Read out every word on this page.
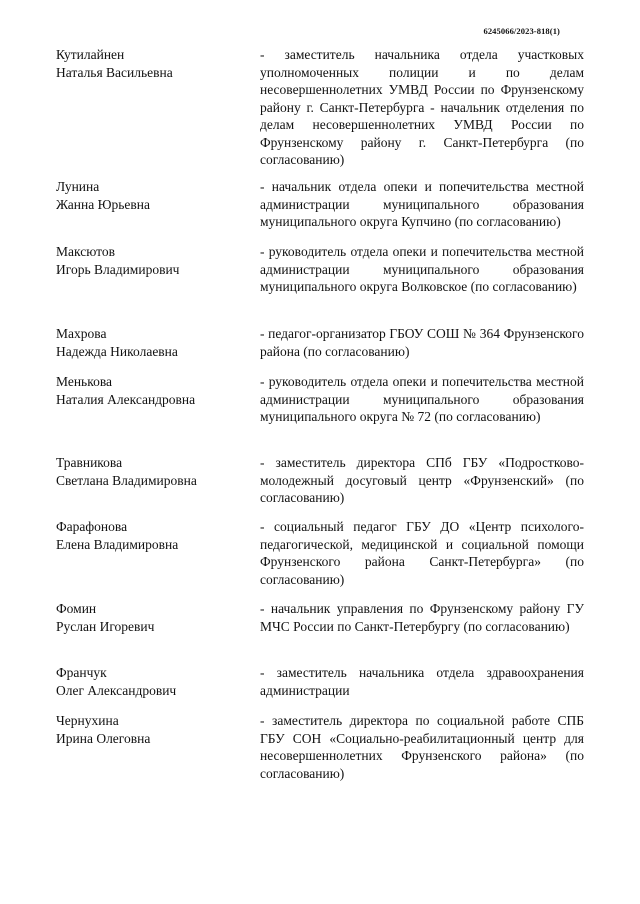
6245066/2023-818(1)
Кутилайнен
Наталья Васильевна
- заместитель начальника отдела участковых уполномоченных полиции и по делам несовершеннолетних УМВД России по Фрунзенскому району г. Санкт-Петербурга - начальник отделения по делам несовершеннолетних УМВД России по Фрунзенскому району г. Санкт-Петербурга (по согласованию)
Лунина
Жанна Юрьевна
- начальник отдела опеки и попечительства местной администрации муниципального образования муниципального округа Купчино (по согласованию)
Максютов
Игорь Владимирович
- руководитель отдела опеки и попечительства местной администрации муниципального образования муниципального округа Волковское (по согласованию)
Махрова
Надежда Николаевна
- педагог-организатор ГБОУ СОШ № 364 Фрунзенского района (по согласованию)
Менькова
Наталия Александровна
- руководитель отдела опеки и попечительства местной администрации муниципального образования муниципального округа № 72 (по согласованию)
Травникова
Светлана Владимировна
- заместитель директора СПб ГБУ «Подростково-молодежный досуговый центр «Фрунзенский» (по согласованию)
Фарафонова
Елена Владимировна
- социальный педагог ГБУ ДО «Центр психолого-педагогической, медицинской и социальной помощи Фрунзенского района Санкт-Петербурга» (по согласованию)
Фомин
Руслан Игоревич
- начальник управления по Фрунзенскому району ГУ МЧС России по Санкт-Петербургу (по согласованию)
Франчук
Олег Александрович
- заместитель начальника отдела здравоохранения администрации
Чернухина
Ирина Олеговна
- заместитель директора по социальной работе СПБ ГБУ СОН «Социально-реабилитационный центр для несовершеннолетних Фрунзенского района» (по согласованию)
